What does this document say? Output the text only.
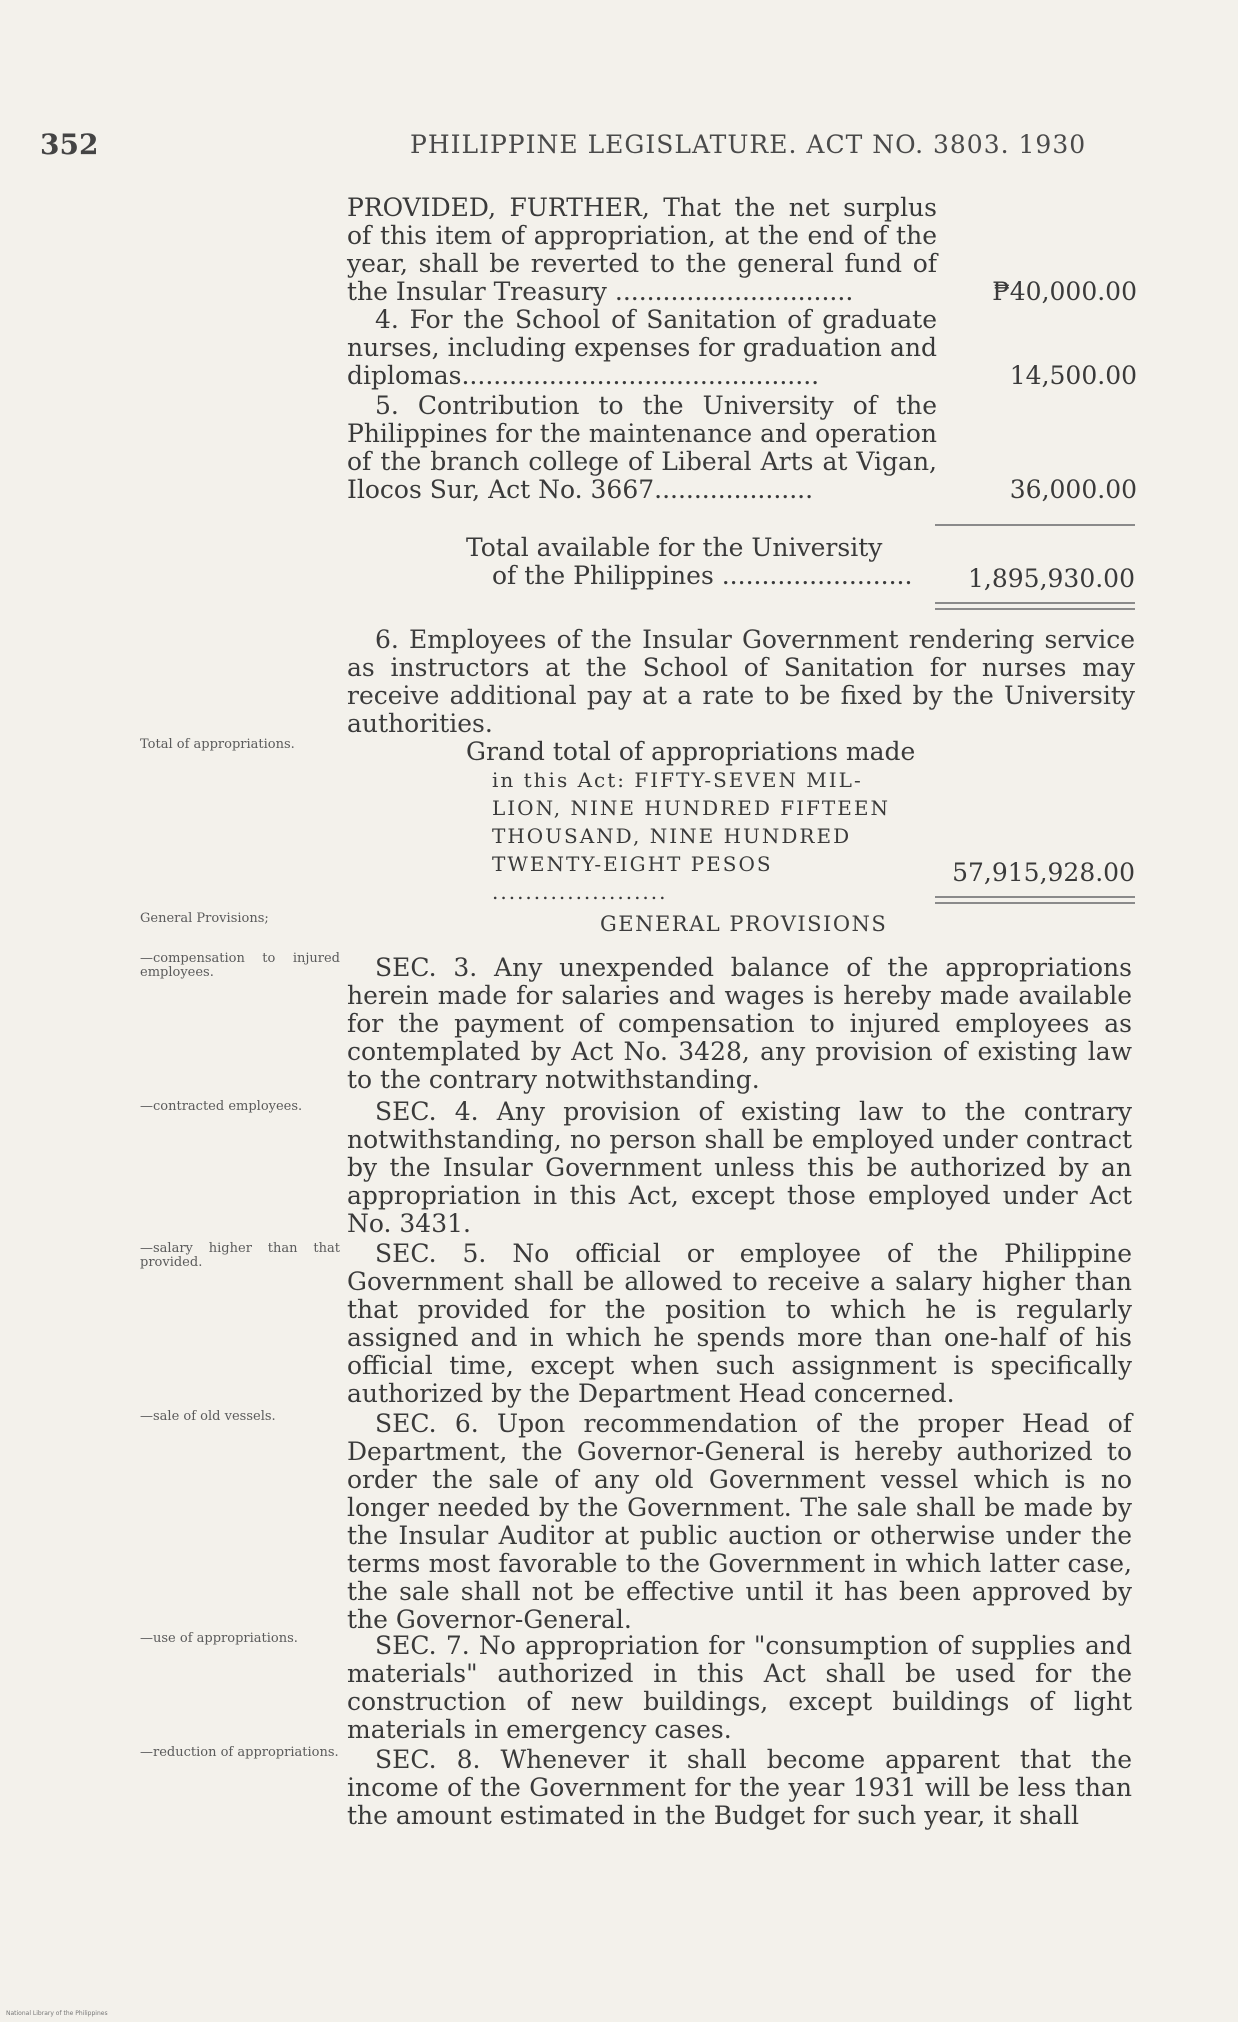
352	PHILIPPINE LEGISLATURE. ACT NO. 3803. 1930
PROVIDED, FURTHER, That the net surplus of this item of appropriation, at the end of the year, shall be reverted to the general fund of the Insular Treasury ..............................	₱40,000.00
4. For the School of Sanitation of graduate nurses, including expenses for graduation and diplomas.............................................	14,500.00
5. Contribution to the University of the Philippines for the maintenance and operation of the branch college of Liberal Arts at Vigan, Ilocos Sur, Act No. 3667....................	36,000.00
Total available for the University
of the Philippines ........................	1,895,930.00
6. Employees of the Insular Government rendering service as instructors at the School of Sanitation for nurses may receive additional pay at a rate to be fixed by the University authorities.
Total of appropriations.	Grand total of appropriations made
in this Act: FIFTY-SEVEN MIL-
LION, NINE HUNDRED FIFTEEN
THOUSAND, NINE HUNDRED
TWENTY-EIGHT PESOS .....................
57,915,928.00
General Provisions;	GENERAL PROVISIONS
—compensation to injured employees.	SEC. 3. Any unexpended balance of the appropriations herein made for salaries and wages is hereby made available for the payment of compensation to injured employees as contemplated by Act No. 3428, any provision of existing law to the contrary notwithstanding.
—contracted employees.	SEC. 4. Any provision of existing law to the contrary notwithstanding, no person shall be employed under contract by the Insular Government unless this be authorized by an appropriation in this Act, except those employed under Act No. 3431.
—salary higher than that provided.	SEC. 5. No official or employee of the Philippine Government shall be allowed to receive a salary higher than that provided for the position to which he is regularly assigned and in which he spends more than one-half of his official time, except when such assignment is specifically authorized by the Department Head concerned.
—sale of old vessels.	SEC. 6. Upon recommendation of the proper Head of Department, the Governor-General is hereby authorized to order the sale of any old Government vessel which is no longer needed by the Government. The sale shall be made by the Insular Auditor at public auction or otherwise under the terms most favorable to the Government in which latter case, the sale shall not be effective until it has been approved by the Governor-General.
—use of appropriations.	SEC. 7. No appropriation for "consumption of supplies and materials" authorized in this Act shall be used for the construction of new buildings, except buildings of light materials in emergency cases.
—reduction of appropriations.	SEC. 8. Whenever it shall become apparent that the income of the Government for the year 1931 will be less than the amount estimated in the Budget for such year, it shall
National Library of the Philippines
